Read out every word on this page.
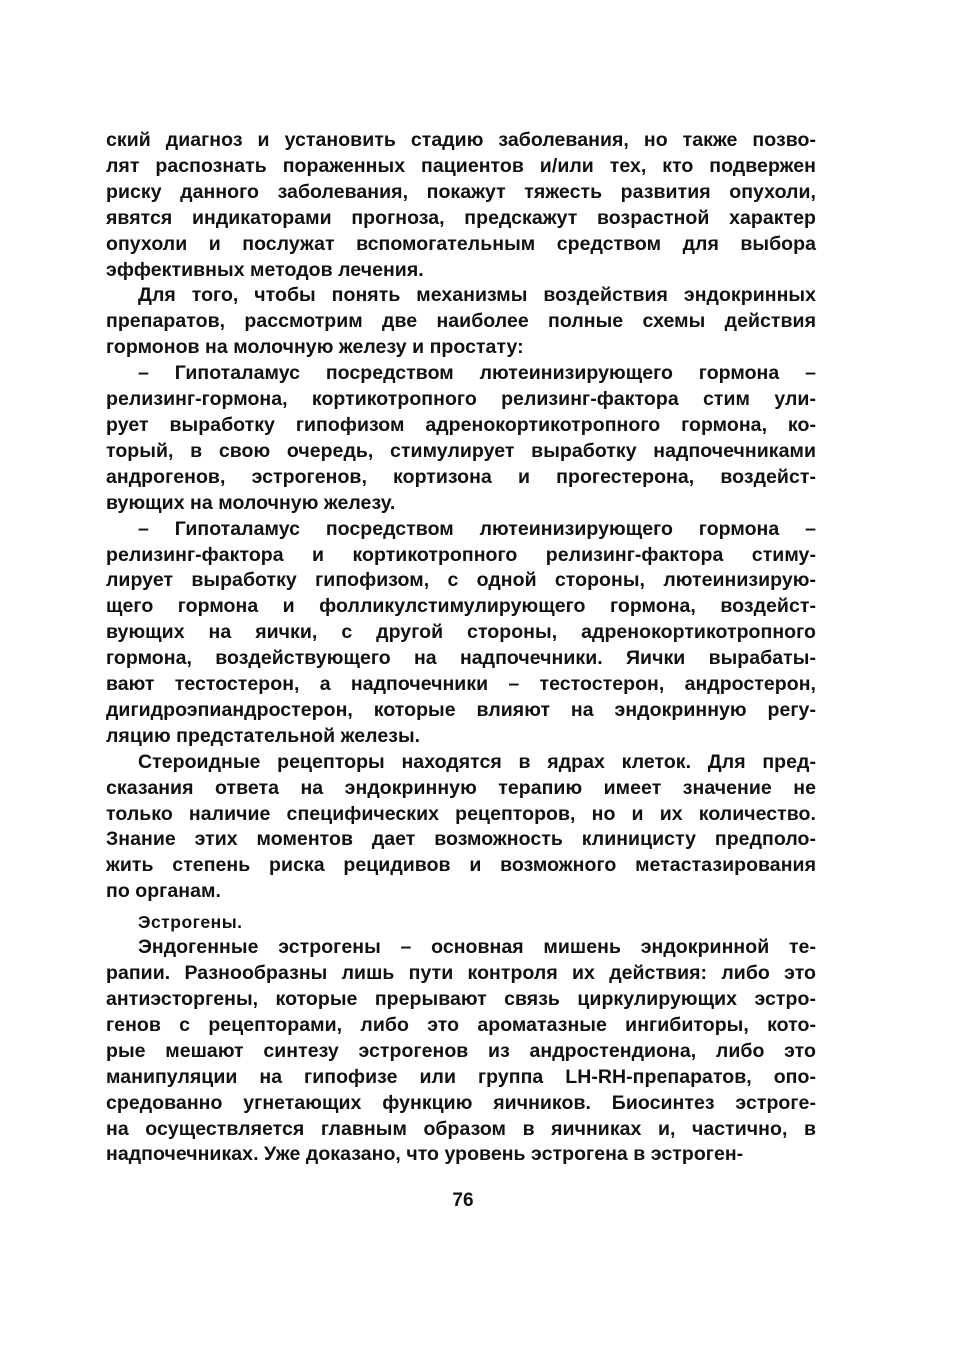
ский диагноз и установить стадию заболевания, но также позво-
лят распознать пораженных пациентов и/или тех, кто подвержен
риску данного заболевания, покажут тяжесть развития опухоли,
явятся индикаторами прогноза, предскажут возрастной характер
опухоли и послужат вспомогательным средством для выбора
эффективных методов лечения.

Для того, чтобы понять механизмы воздействия эндокринных
препаратов, рассмотрим две наиболее полные схемы действия
гормонов на молочную железу и простату:

– Гипоталамус посредством лютеинизирующего гормона –
релизинг-гормона, кортикотропного релизинг-фактора стим ули-
рует выработку гипофизом адренокортикотропного гормона, ко-
торый, в свою очередь, стимулирует выработку надпочечниками
андрогенов, эстрогенов, кортизона и прогестерона, воздейст-
вующих на молочную железу.

– Гипоталамус посредством лютеинизирующего гормона –
релизинг-фактора и кортикотропного релизинг-фактора стиму-
лирует выработку гипофизом, с одной стороны, лютеинизирую-
щего гормона и фолликулстимулирующего гормона, воздейст-
вующих на яички, с другой стороны, адренокортикотропного
гормона, воздействующего на надпочечники. Яички вырабаты-
вают тестостерон, а надпочечники – тестостерон, андростерон,
дигидроэпиандростерон, которые влияют на эндокринную регу-
ляцию предстательной железы.

Стероидные рецепторы находятся в ядрах клеток. Для пред-
сказания ответа на эндокринную терапию имеет значение не
только наличие специфических рецепторов, но и их количество.
Знание этих моментов дает возможность клиницисту предполо-
жить степень риска рецидивов и возможного метастазирования
по органам.

Эстрогены.

Эндогенные эстрогены – основная мишень эндокринной те-
рапии. Разнообразны лишь пути контроля их действия: либо это
антиэсторгены, которые прерывают связь циркулирующих эстро-
генов с рецепторами, либо это ароматазные ингибиторы, кото-
рые мешают синтезу эстрогенов из андростендиона, либо это
манипуляции на гипофизе или группа LH-RH-препаратов, опо-
средованно угнетающих функцию яичников. Биосинтез эстроге-
на осуществляется главным образом в яичниках и, частично, в
надпочечниках. Уже доказано, что уровень эстрогена в эстроген-

76
